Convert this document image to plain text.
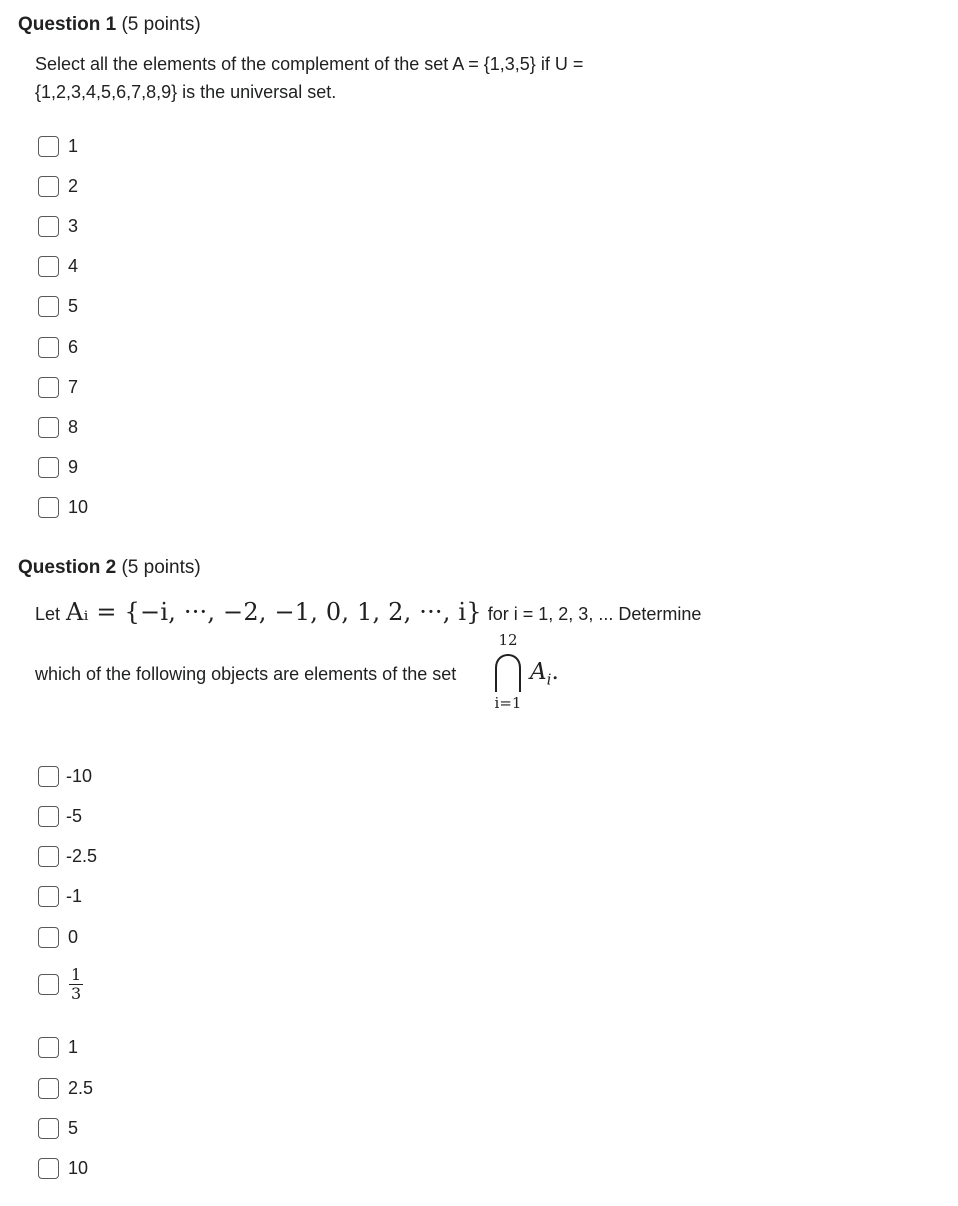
Question 1 (5 points)
Select all the elements of the complement of the set A = {1,3,5} if U =
{1,2,3,4,5,6,7,8,9} is the universal set.
1
2
3
4
5
6
7
8
9
10
Question 2 (5 points)
Let Aᵢ = {−i, ···, −2, −1, 0, 1, 2, ···, i} for i = 1, 2, 3, ... Determine
which of the following objects are elements of the set
12
i=1
$A_i$.
-10
-5
-2.5
-1
0
$\frac{1}{3}$
1
2.5
5
10
